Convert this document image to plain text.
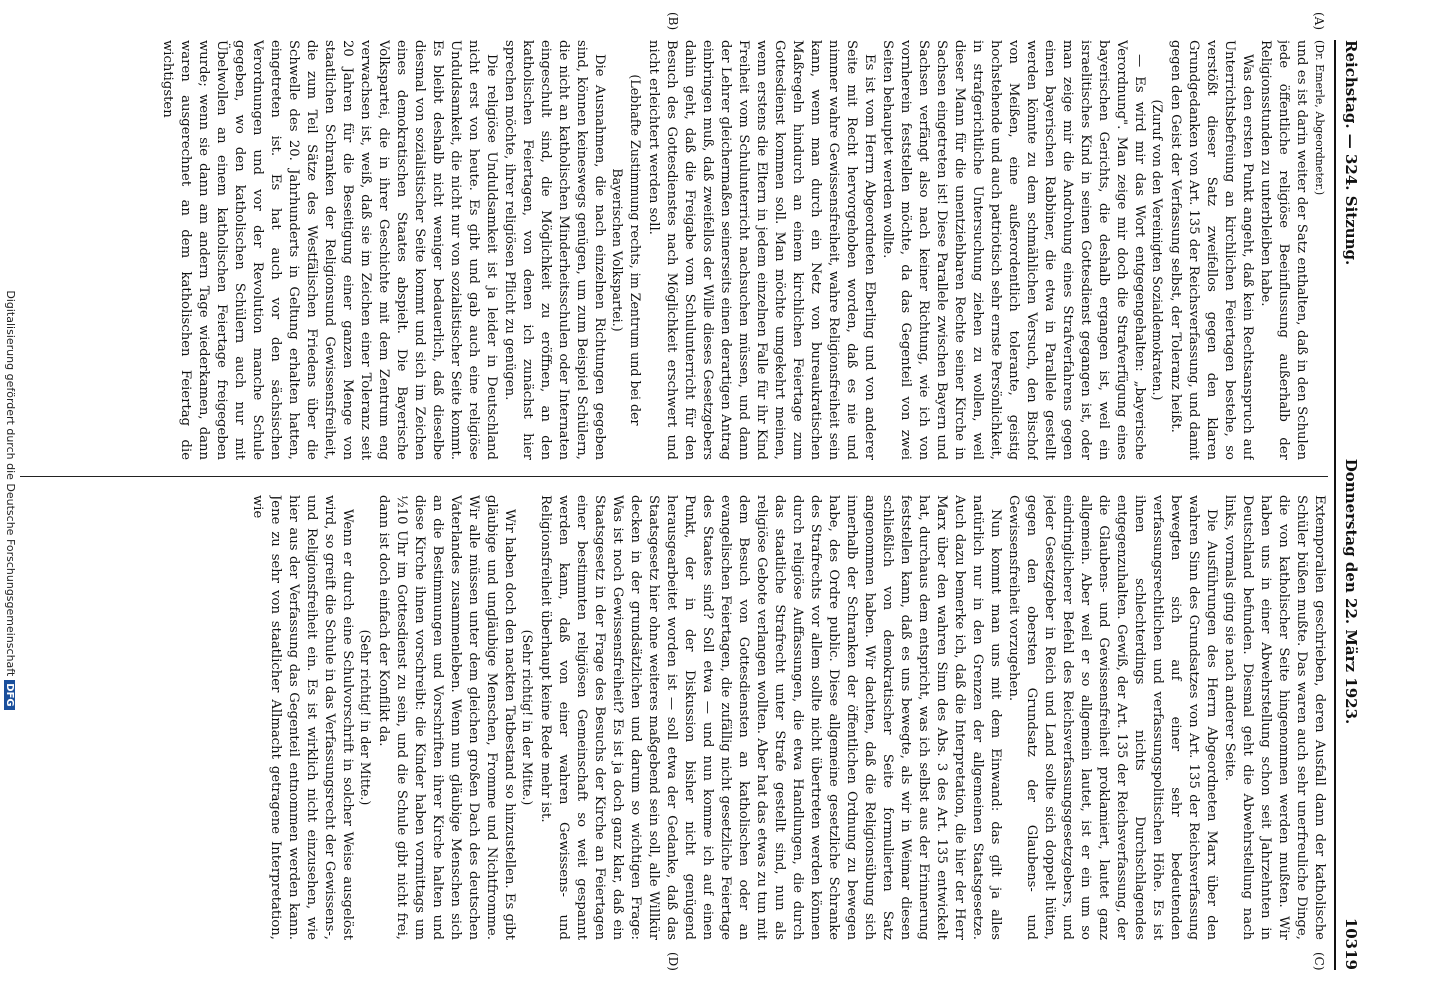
Reichstag. — 324. Sitzung.
Donnerstag den 22. März 1923.
10319
(A)
(B)
(C)
(D)

(Dr. Emerle, Abgeordneter.)

und es ist darin weiter der Satz enthalten, daß in den Schulen jede öffentliche religiöse Beeinflussung außerhalb der Religionsstunden zu unterbleiben habe.

Was den ersten Punkt angeht, daß kein Rechtsanspruch auf Unterrichtsbefreiung an kirchlichen Feiertagen bestehe, so verstößt dieser Satz zweifellos gegen den klaren Grundgedanken von Art. 135 der Reichsverfassung, und damit gegen den Geist der Verfassung selbst, der Toleranz heißt.

(Zuruf von den Vereinigten Sozialdemokraten.)

— Es wird mir das Wort entgegengehalten: „bayerische Verordnung". Man zeige mir doch die Strafverfügung eines bayerischen Gerichts, die deshalb ergangen ist, weil ein israelitisches Kind in seinen Gottesdienst gegangen ist, oder man zeige mir die Androhung eines Strafverfahrens gegen einen bayerischen Rabbiner, die etwa in Parallele gestellt werden könnte zu dem schmählichen Versuch, den Bischof von Meißen, eine außerordentlich tolerante, geistig hochstehende und auch patriotisch sehr ernste Persönlichkeit, in strafgerichtliche Untersuchung ziehen zu wollen, weil dieser Mann für die unentziehbaren Rechte seiner Kirche in Sachsen eingetreten ist! Diese Parallele zwischen Bayern und Sachsen verfängt also nach keiner Richtung, wie ich von vornherein feststellen möchte, da das Gegenteil von zwei Seiten behauptet werden wollte.

Es ist vom Herrn Abgeordneten Eberling und von anderer Seite mit Recht hervorgehoben worden, daß es nie und nimmer wahre Gewissensfreiheit, wahre Religionsfreiheit sein kann, wenn man durch ein Netz von bureaukratischen Maßregeln hindurch an einem kirchlichen Feiertage zum Gottesdienst kommen soll. Man möchte umgekehrt meinen, wenn erstens die Eltern in jedem einzelnen Falle für ihr Kind Freiheit vom Schulunterricht nachsuchen müssen, und dann der Lehrer gleichermaßen seinerseits einen derartigen Antrag einbringen muß, daß zweifellos der Wille dieses Gesetzgebers dahin geht, daß die Freigabe vom Schulunterricht für den Besuch des Gottesdienstes nach Möglichkeit erschwert und nicht erleichtert werden soll.

(Lebhafte Zustimmung rechts, im Zentrum und bei der Bayerischen Volkspartei.)

Die Ausnahmen, die nach einzelnen Richtungen gegeben sind, können keineswegs genügen, um zum Beispiel Schülern, die nicht an katholischen Minderheitsschulen oder Internaten eingeschult sind, die Möglichkeit zu eröffnen, an den katholischen Feiertagen, von denen ich zunächst hier sprechen möchte, ihrer religiösen Pflicht zu genügen.

Die religiöse Unduldsamkeit ist ja leider in Deutschland nicht erst von heute. Es gibt und gab auch eine religiöse Unduldsamkeit, die nicht nur von sozialistischer Seite kommt. Es bleibt deshalb nicht weniger bedauerlich, daß dieselbe diesmal von sozialistischer Seite kommt und sich im Zeichen eines demokratischen Staates abspielt. Die Bayerische Volkspartei, die in ihrer Geschichte mit dem Zentrum eng verwachsen ist, weiß, daß sie im Zeichen einer Toleranz seit 20 Jahren für die Beseitigung einer ganzen Menge von staatlichen Schranken der Religionsund Gewissensfreiheit, die zum Teil Sätze des Westfälischen Friedens über die Schwelle des 20. Jahrhunderts in Geltung erhalten hatten, eingetreten ist. Es hat auch vor den sächsischen Verordnungen und vor der Revolution manche Schule gegeben, wo den katholischen Schülern auch nur mit Übelwollen an einem katholischen Feiertage freigegeben wurde; wenn sie dann am andern Tage wiederkamen, dann waren ausgerechnet an dem katholischen Feiertag die wichtigsten

Extemporalien geschrieben, deren Ausfall dann der katholische Schüler büßen mußte. Das waren auch sehr unerfreuliche Dinge, die von katholischer Seite hingenommen werden mußten. Wir haben uns in einer Abwehrstellung schon seit Jahrzehnten in Deutschland befunden. Diesmal geht die Abwehrstellung nach links, vormals ging sie nach anderer Seite.

Die Ausführungen des Herrn Abgeordneten Marx über den wahren Sinn des Grundsatzes von Art. 135 der Reichsverfassung bewegten sich auf einer sehr bedeutenden verfassungsrechtlichen und verfassungspolitischen Höhe. Es ist ihnen schlechterdings nichts Durchschlagendes entgegenzuhalten. Gewiß, der Art. 135 der Reichsverfassung, der die Glaubens- und Gewissensfreiheit proklamiert, lautet ganz allgemein. Aber weil er so allgemein lautet, ist er ein um so eindringlicherer Befehl des Reichsverfassungsgesetzgebers, und jeder Gesetzgeber in Reich und Land sollte sich doppelt hüten, gegen den obersten Grundsatz der Glaubens- und Gewissensfreiheit vorzugehen.

Nun kommt man uns mit dem Einwand: das gilt ja alles natürlich nur in den Grenzen der allgemeinen Staatsgesetze. Auch dazu bemerke ich, daß die Interpretation, die hier der Herr Marx über den wahren Sinn des Abs. 3 des Art. 135 entwickelt hat, durchaus dem entspricht, was ich selbst aus der Erinnerung feststellen kann, daß es uns bewegte, als wir in Weimar diesen schließlich von demokratischer Seite formulierten Satz angenommen haben. Wir dachten, daß die Religionsübung sich innerhalb der Schranken der öffentlichen Ordnung zu bewegen habe, des Ordre public. Diese allgemeine gesetzliche Schranke des Strafrechts vor allem sollte nicht übertreten werden können durch religiöse Auffassungen, die etwa Handlungen, die durch das staatliche Strafrecht unter Strafe gestellt sind, nun als religiöse Gebote verlangen wollten. Aber hat das etwas zu tun mit dem Besuch von Gottesdiensten an katholischen oder an evangelischen Feiertagen, die zufällig nicht gesetzliche Feiertage des Staates sind? Soll etwa — und nun komme ich auf einen Punkt, der in der Diskussion bisher nicht genügend herausgearbeitet worden ist — soll etwa der Gedanke, daß das Staatsgesetz hier ohne weiteres maßgebend sein soll, alle Willkür decken in der grundsätzlichen und darum so wichtigen Frage: Was ist noch Gewissensfreiheit? Es ist ja doch ganz klar, daß ein Staatsgesetz in der Frage des Besuchs der Kirche an Feiertagen einer bestimmten religiösen Gemeinschaft so weit gespannt werden kann, daß von einer wahren Gewissens- und Religionsfreiheit überhaupt keine Rede mehr ist.

(Sehr richtig! in der Mitte.)

Wir haben doch den nackten Tatbestand so hinzustellen. Es gibt gläubige und ungläubige Menschen, Fromme und Nichtfromme. Wir alle müssen unter dem gleichen großen Dach des deutschen Vaterlandes zusammenleben. Wenn nun gläubige Menschen sich an die Bestimmungen und Vorschriften ihrer Kirche halten und diese Kirche ihnen vorschreibt: die Kinder haben vormittags um ½10 Uhr im Gottesdienst zu sein, und die Schule gibt nicht frei, dann ist doch einfach der Konflikt da.

(Sehr richtig! in der Mitte.)

Wenn er durch eine Schulvorschrift in solcher Weise ausgelöst wird, so greift die Schule in das Verfassungsrecht der Gewissens-, und Religionsfreiheit ein. Es ist wirklich nicht einzusehen, wie hier aus der Verfassung das Gegenteil entnommen werden kann. Jene zu sehr von staatlicher Allmacht getragene Interpretation, wie

Digitalisierung gefördert durch die Deutsche ForschungsgemeinschaftDFG
